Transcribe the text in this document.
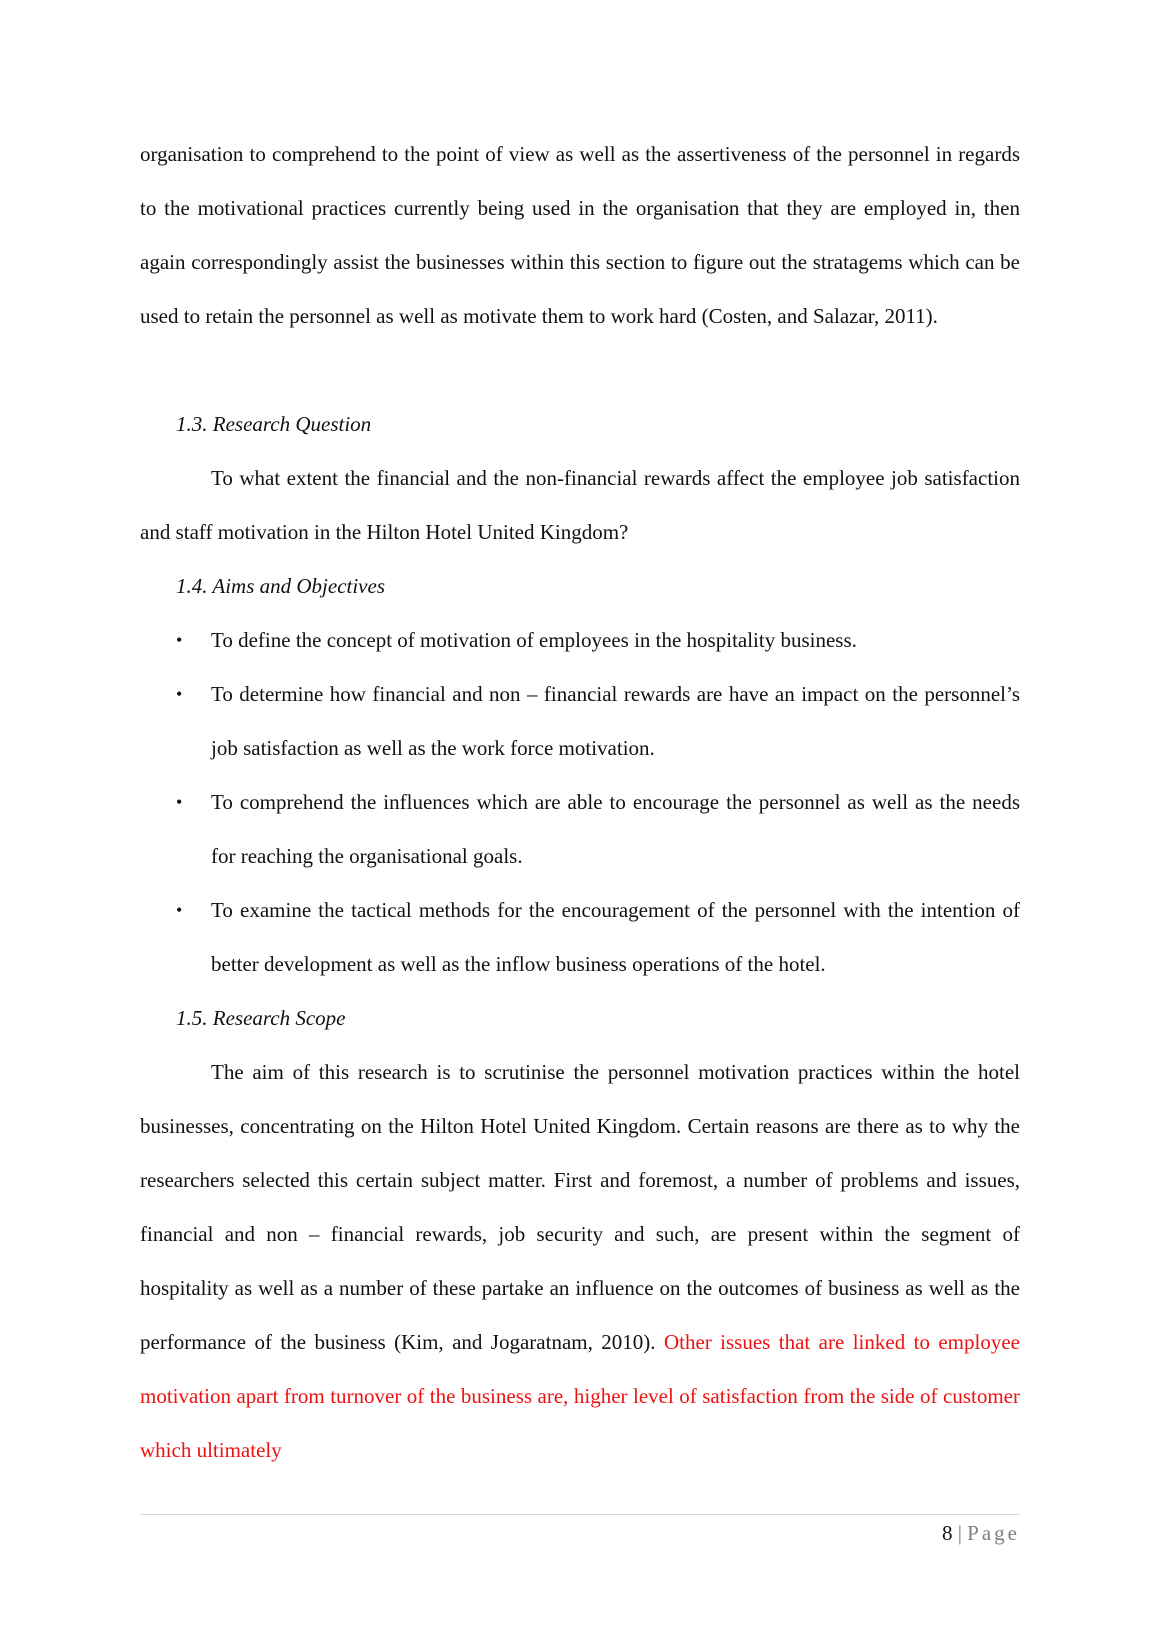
organisation to comprehend to the point of view as well as the assertiveness of the personnel in regards to the motivational practices currently being used in the organisation that they are employed in, then again correspondingly assist the businesses within this section to figure out the stratagems which can be used to retain the personnel as well as motivate them to work hard (Costen, and Salazar, 2011).
1.3. Research Question
To what extent the financial and the non-financial rewards affect the employee job satisfaction and staff motivation in the Hilton Hotel United Kingdom?
1.4. Aims and Objectives
•	To define the concept of motivation of employees in the hospitality business.
•	To determine how financial and non – financial rewards are have an impact on the personnel’s job satisfaction as well as the work force motivation.
•	To comprehend the influences which are able to encourage the personnel as well as the needs for reaching the organisational goals.
•	To examine the tactical methods for the encouragement of the personnel with the intention of better development as well as the inflow business operations of the hotel.
1.5. Research Scope
The aim of this research is to scrutinise the personnel motivation practices within the hotel businesses, concentrating on the Hilton Hotel United Kingdom. Certain reasons are there as to why the researchers selected this certain subject matter. First and foremost, a number of problems and issues, financial and non – financial rewards, job security and such, are present within the segment of hospitality as well as a number of these partake an influence on the outcomes of business as well as the performance of the business (Kim, and Jogaratnam, 2010). Other issues that are linked to employee motivation apart from turnover of the business are, higher level of satisfaction from the side of customer which ultimately
8 | Page
